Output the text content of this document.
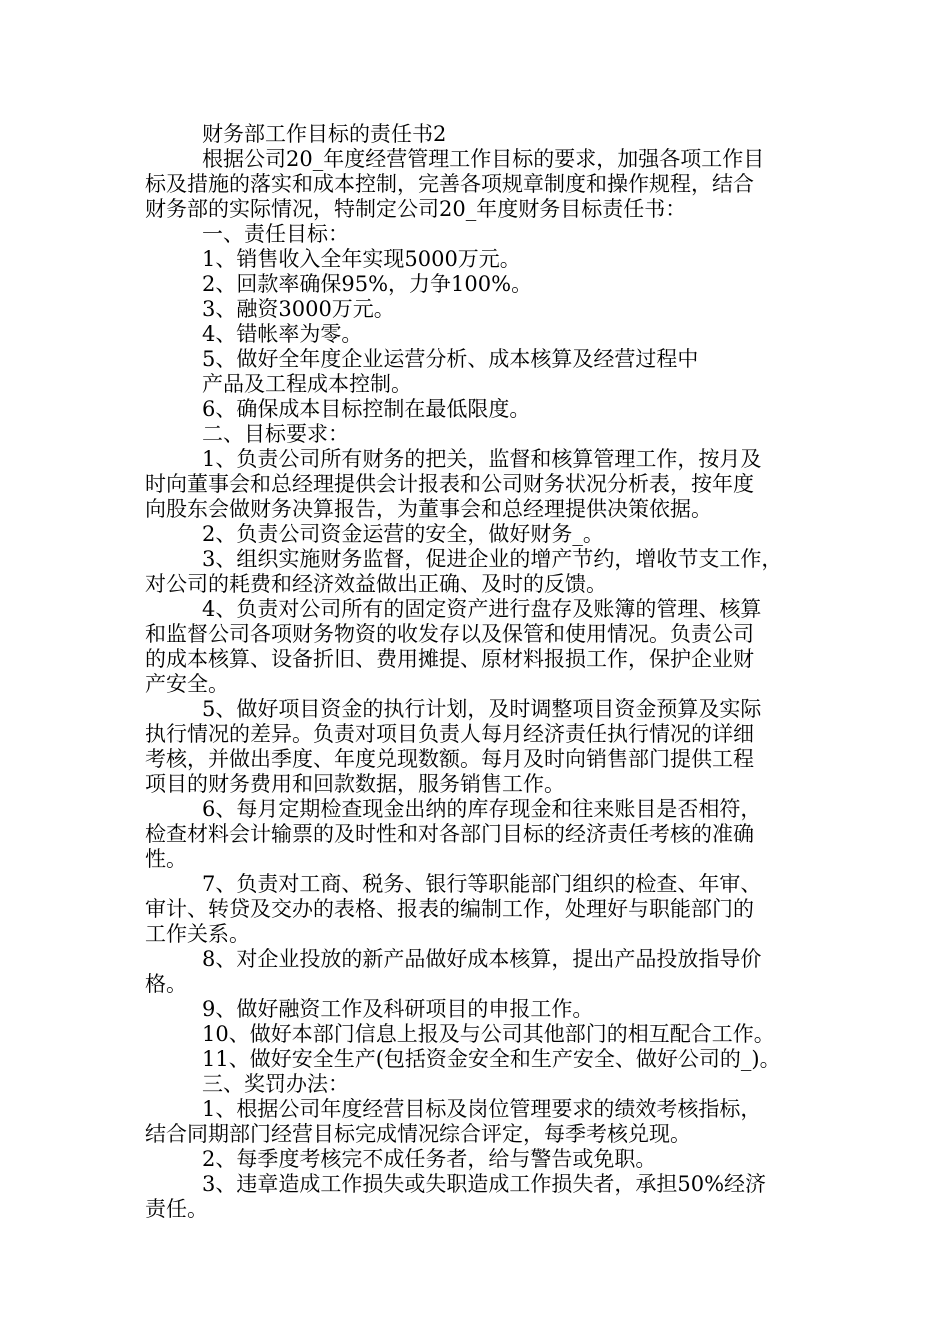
财务部工作目标的责任书2
根据公司20_年度经营管理工作目标的要求，加强各项工作目
标及措施的落实和成本控制，完善各项规章制度和操作规程，结合
财务部的实际情况，特制定公司20_年度财务目标责任书：
一、责任目标：
1、销售收入全年实现5000万元。
2、回款率确保95%，力争100%。
3、融资3000万元。
4、错帐率为零。
5、做好全年度企业运营分析、成本核算及经营过程中
产品及工程成本控制。
6、确保成本目标控制在最低限度。
二、目标要求：
1、负责公司所有财务的把关，监督和核算管理工作，按月及
时向董事会和总经理提供会计报表和公司财务状况分析表，按年度
向股东会做财务决算报告，为董事会和总经理提供决策依据。
2、负责公司资金运营的安全，做好财务_。
3、组织实施财务监督，促进企业的增产节约，增收节支工作，
对公司的耗费和经济效益做出正确、及时的反馈。
4、负责对公司所有的固定资产进行盘存及账簿的管理、核算
和监督公司各项财务物资的收发存以及保管和使用情况。负责公司
的成本核算、设备折旧、费用摊提、原材料报损工作，保护企业财
产安全。
5、做好项目资金的执行计划，及时调整项目资金预算及实际
执行情况的差异。负责对项目负责人每月经济责任执行情况的详细
考核，并做出季度、年度兑现数额。每月及时向销售部门提供工程
项目的财务费用和回款数据，服务销售工作。
6、每月定期检查现金出纳的库存现金和往来账目是否相符，
检查材料会计输票的及时性和对各部门目标的经济责任考核的准确
性。
7、负责对工商、税务、银行等职能部门组织的检查、年审、
审计、转贷及交办的表格、报表的编制工作，处理好与职能部门的
工作关系。
8、对企业投放的新产品做好成本核算，提出产品投放指导价
格。
9、做好融资工作及科研项目的申报工作。
10、做好本部门信息上报及与公司其他部门的相互配合工作。
11、做好安全生产(包括资金安全和生产安全、做好公司的_)。
三、奖罚办法：
1、根据公司年度经营目标及岗位管理要求的绩效考核指标，
结合同期部门经营目标完成情况综合评定，每季考核兑现。
2、每季度考核完不成任务者，给与警告或免职。
3、违章造成工作损失或失职造成工作损失者，承担50%经济
责任。
